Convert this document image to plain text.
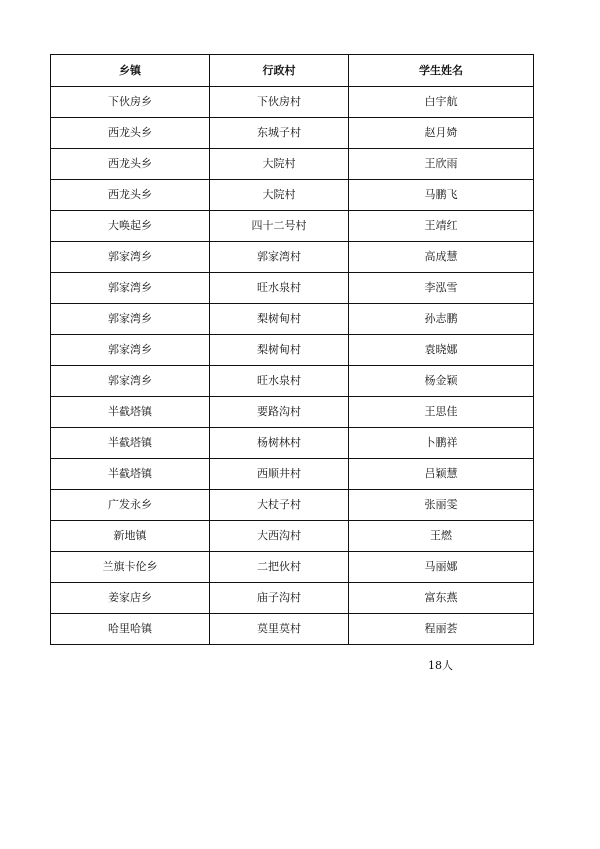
乡镇	行政村	学生姓名
下伙房乡	下伙房村	白宇航
西龙头乡	东城子村	赵月婍
西龙头乡	大院村	王欣雨
西龙头乡	大院村	马鹏飞
大唤起乡	四十二号村	王靖红
郭家湾乡	郭家湾村	高成慧
郭家湾乡	旺水泉村	李泓雪
郭家湾乡	梨树甸村	孙志鹏
郭家湾乡	梨树甸村	袁晓娜
郭家湾乡	旺水泉村	杨金颖
半截塔镇	要路沟村	王思佳
半截塔镇	杨树林村	卜鹏祥
半截塔镇	西顺井村	吕颖慧
广发永乡	大杖子村	张丽雯
新地镇	大西沟村	王燃
兰旗卡伦乡	二把伙村	马丽娜
姜家店乡	庙子沟村	富东燕
哈里哈镇	莫里莫村	程丽荟
18人
